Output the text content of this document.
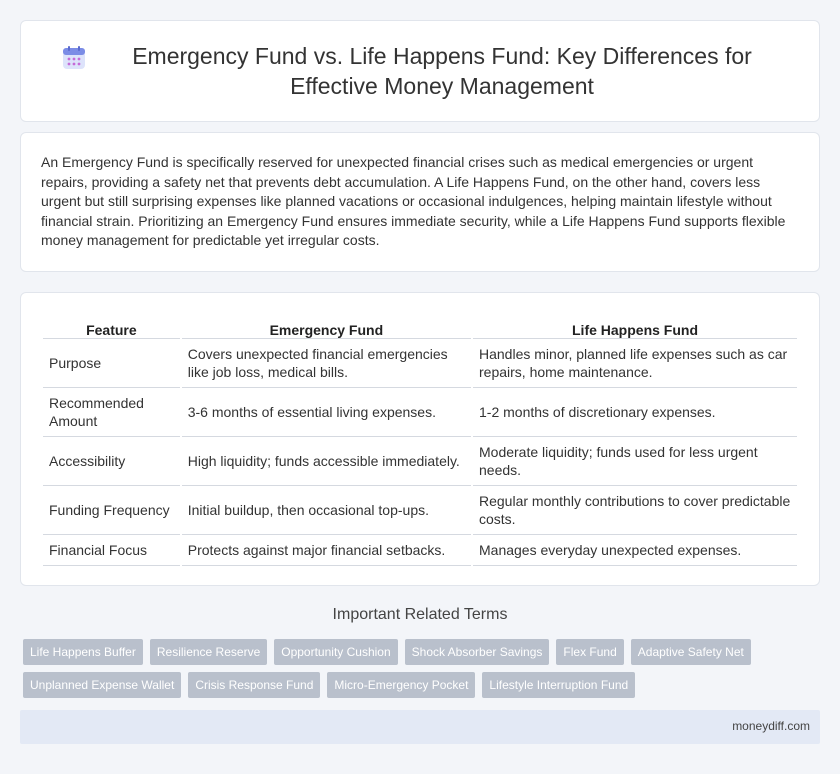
Emergency Fund vs. Life Happens Fund: Key Differences for Effective Money Management

An Emergency Fund is specifically reserved for unexpected financial crises such as medical emergencies or urgent repairs, providing a safety net that prevents debt accumulation. A Life Happens Fund, on the other hand, covers less urgent but still surprising expenses like planned vacations or occasional indulgences, helping maintain lifestyle without financial strain. Prioritizing an Emergency Fund ensures immediate security, while a Life Happens Fund supports flexible money management for predictable yet irregular costs.

Feature	Emergency Fund	Life Happens Fund
Purpose	Covers unexpected financial emergencies like job loss, medical bills.	Handles minor, planned life expenses such as car repairs, home maintenance.
Recommended Amount	3-6 months of essential living expenses.	1-2 months of discretionary expenses.
Accessibility	High liquidity; funds accessible immediately.	Moderate liquidity; funds used for less urgent needs.
Funding Frequency	Initial buildup, then occasional top-ups.	Regular monthly contributions to cover predictable costs.
Financial Focus	Protects against major financial setbacks.	Manages everyday unexpected expenses.
Important Related Terms
Life Happens Buffer	Resilience Reserve	Opportunity Cushion	Shock Absorber Savings	Flex Fund	Adaptive Safety Net
Unplanned Expense Wallet	Crisis Response Fund	Micro-Emergency Pocket	Lifestyle Interruption Fund
moneydiff.com
